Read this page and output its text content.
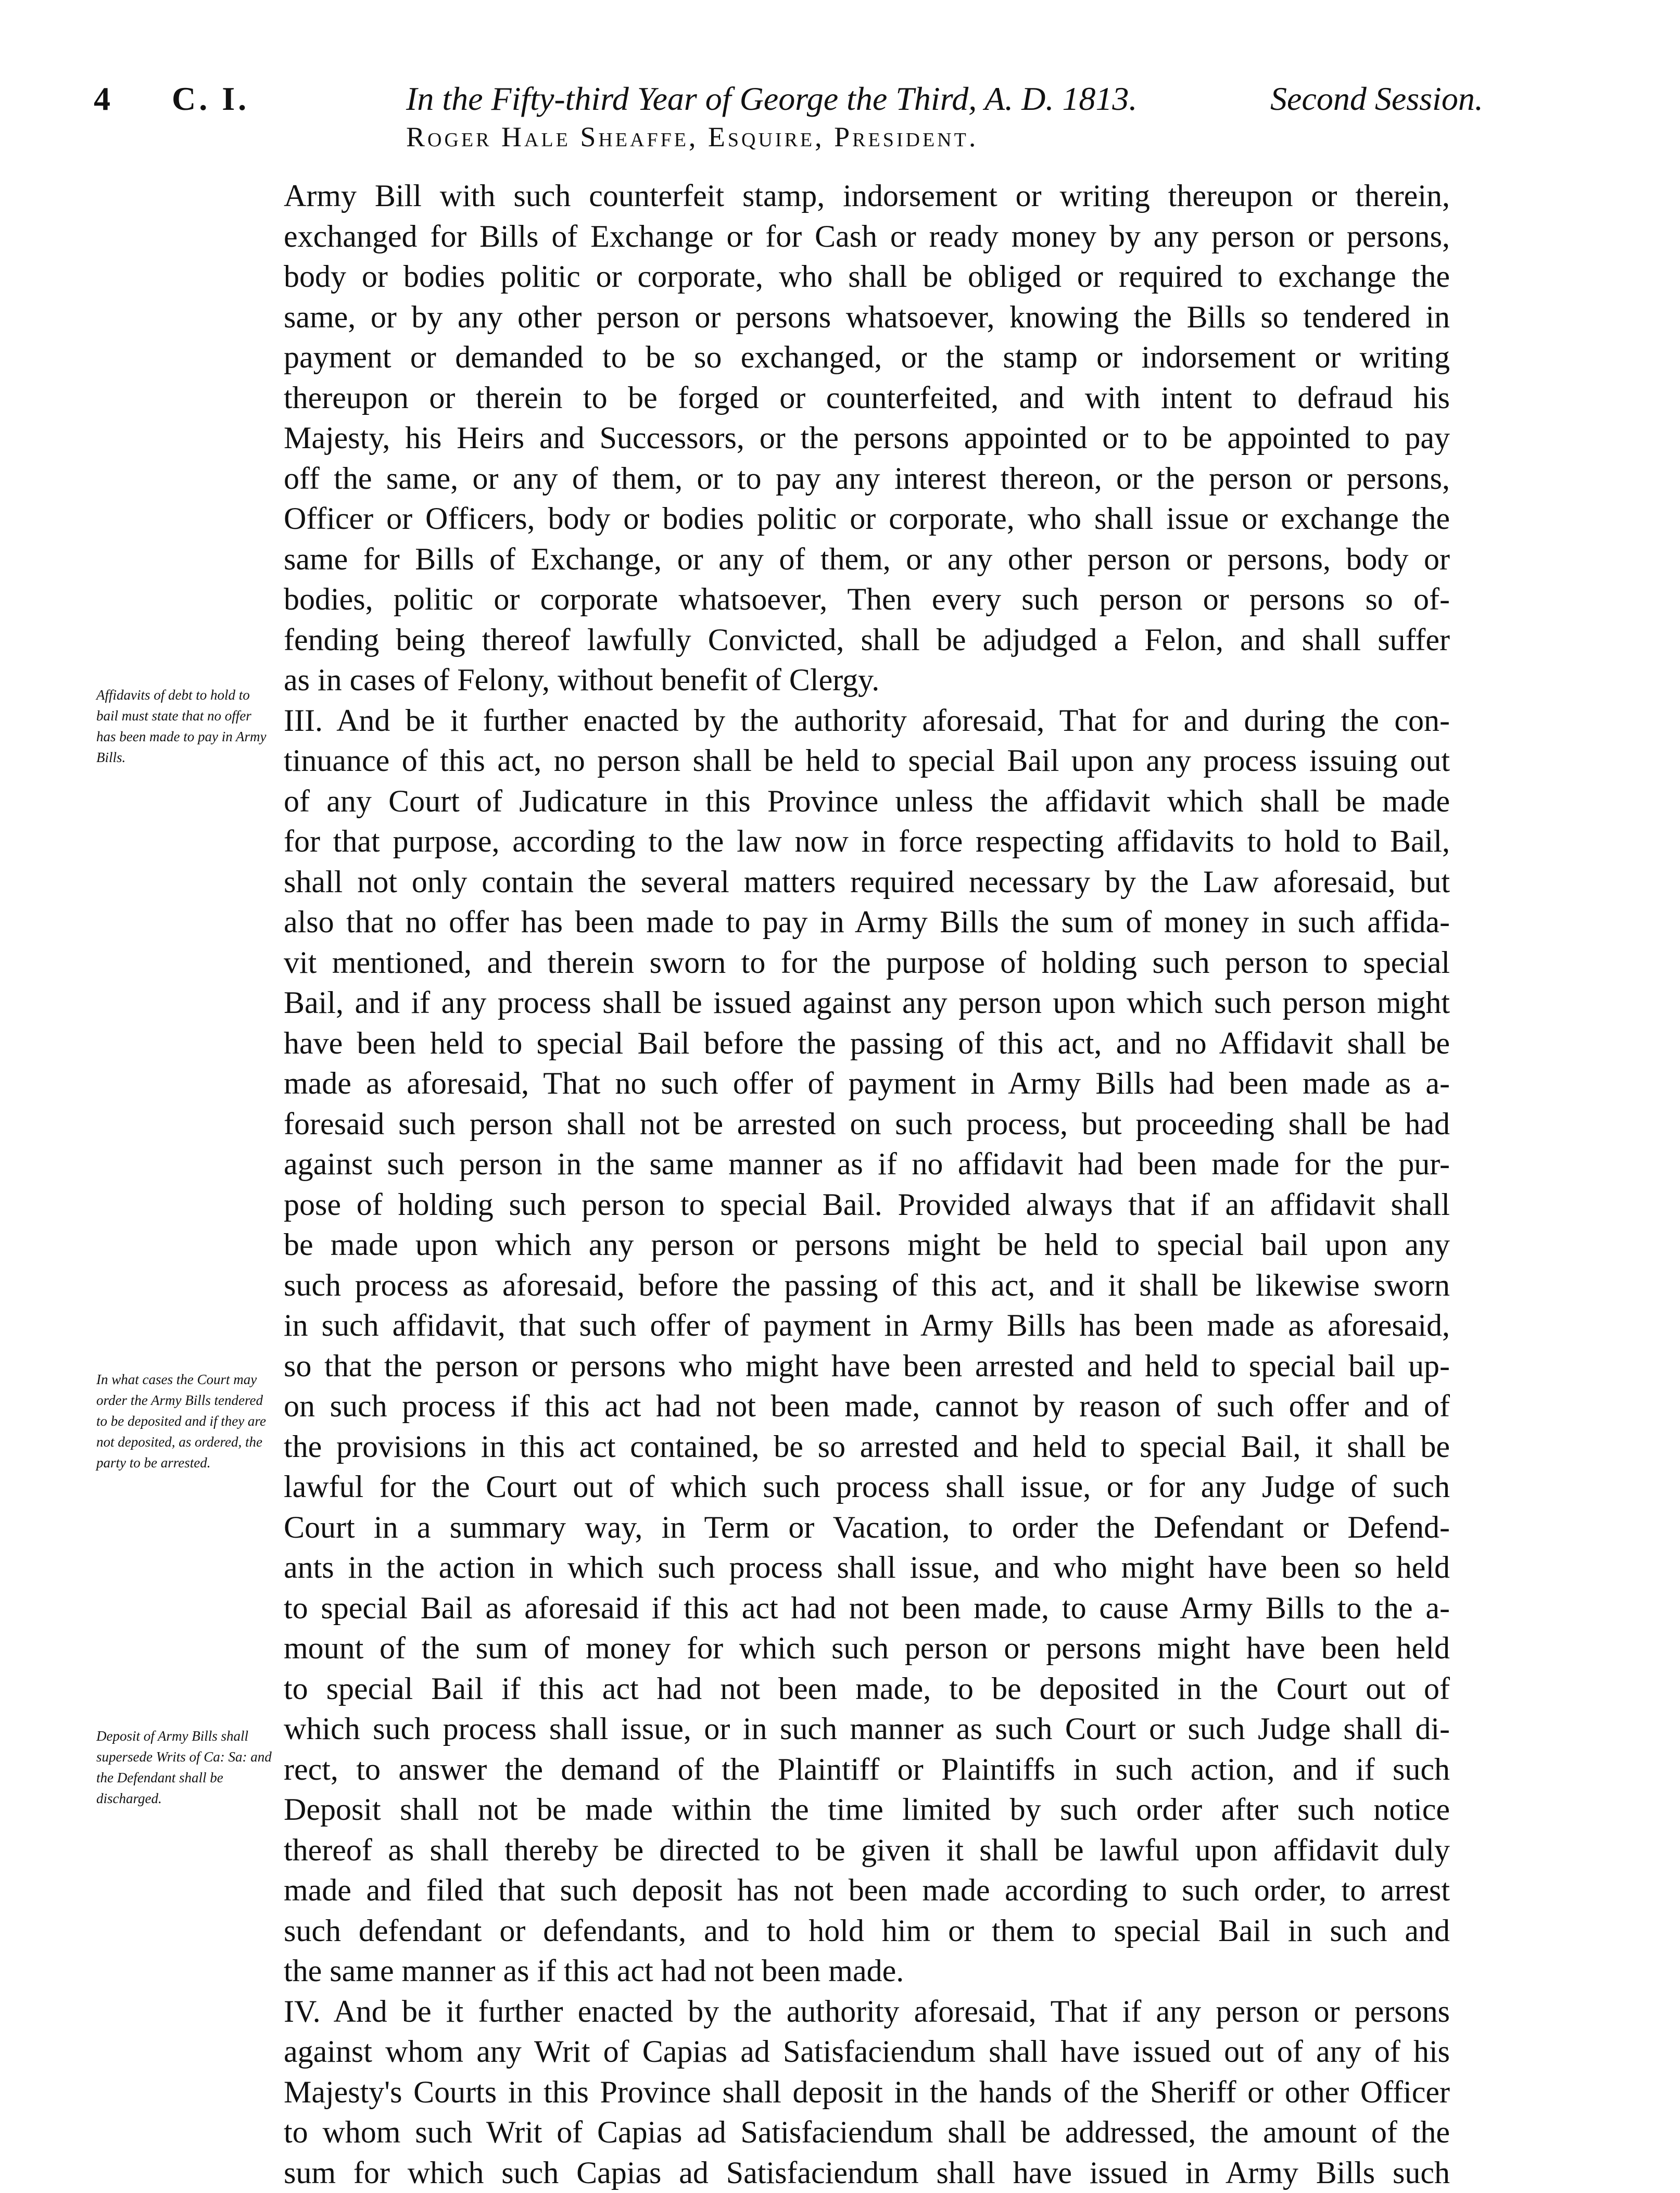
4 C. I.	In the Fifty-third Year of George the Third, A. D. 1813.	Second Session.
Roger Hale Sheaffe, Esquire, President.
Affidavits of debt to hold to bail must state that no offer has been made to pay in Army Bills.
In what cases the Court may order the Army Bills tendered to be deposited and if they are not deposited, as ordered, the party to be arrested.
Deposit of Army Bills shall supersede Writs of Ca: Sa: and the Defendant shall be discharged.
Army Bill with such counterfeit stamp, indorsement or writing thereupon or therein,
exchanged for Bills of Exchange or for Cash or ready money by any person or persons,
body or bodies politic or corporate, who shall be obliged or required to exchange the
same, or by any other person or persons whatsoever, knowing the Bills so tendered in
payment or demanded to be so exchanged, or the stamp or indorsement or writing
thereupon or therein to be forged or counterfeited, and with intent to defraud his
Majesty, his Heirs and Successors, or the persons appointed or to be appointed to pay
off the same, or any of them, or to pay any interest thereon, or the person or persons,
Officer or Officers, body or bodies politic or corporate, who shall issue or exchange the
same for Bills of Exchange, or any of them, or any other person or persons, body or
bodies, politic or corporate whatsoever, Then every such person or persons so of-
fending being thereof lawfully Convicted, shall be adjudged a Felon, and shall suffer
as in cases of Felony, without benefit of Clergy.
III. And be it further enacted by the authority aforesaid, That for and during the con-
tinuance of this act, no person shall be held to special Bail upon any process issuing out
of any Court of Judicature in this Province unless the affidavit which shall be made
for that purpose, according to the law now in force respecting affidavits to hold to Bail,
shall not only contain the several matters required necessary by the Law aforesaid, but
also that no offer has been made to pay in Army Bills the sum of money in such affida-
vit mentioned, and therein sworn to for the purpose of holding such person to special
Bail, and if any process shall be issued against any person upon which such person might
have been held to special Bail before the passing of this act, and no Affidavit shall be
made as aforesaid, That no such offer of payment in Army Bills had been made as a-
foresaid such person shall not be arrested on such process, but proceeding shall be had
against such person in the same manner as if no affidavit had been made for the pur-
pose of holding such person to special Bail. Provided always that if an affidavit shall
be made upon which any person or persons might be held to special bail upon any
such process as aforesaid, before the passing of this act, and it shall be likewise sworn
in such affidavit, that such offer of payment in Army Bills has been made as aforesaid,
so that the person or persons who might have been arrested and held to special bail up-
on such process if this act had not been made, cannot by reason of such offer and of
the provisions in this act contained, be so arrested and held to special Bail, it shall be
lawful for the Court out of which such process shall issue, or for any Judge of such
Court in a summary way, in Term or Vacation, to order the Defendant or Defend-
ants in the action in which such process shall issue, and who might have been so held
to special Bail as aforesaid if this act had not been made, to cause Army Bills to the a-
mount of the sum of money for which such person or persons might have been held
to special Bail if this act had not been made, to be deposited in the Court out of
which such process shall issue, or in such manner as such Court or such Judge shall di-
rect, to answer the demand of the Plaintiff or Plaintiffs in such action, and if such
Deposit shall not be made within the time limited by such order after such notice
thereof as shall thereby be directed to be given it shall be lawful upon affidavit duly
made and filed that such deposit has not been made according to such order, to arrest
such defendant or defendants, and to hold him or them to special Bail in such and
the same manner as if this act had not been made.
IV. And be it further enacted by the authority aforesaid, That if any person or persons
against whom any Writ of Capias ad Satisfaciendum shall have issued out of any of his
Majesty's Courts in this Province shall deposit in the hands of the Sheriff or other Officer
to whom such Writ of Capias ad Satisfaciendum shall be addressed, the amount of the
sum for which such Capias ad Satisfaciendum shall have issued in Army Bills such
